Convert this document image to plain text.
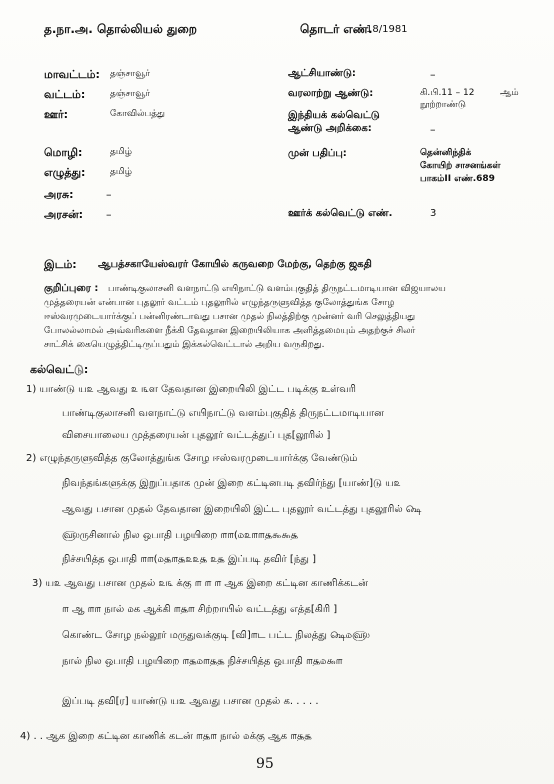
த.நா.அ. தொல்லியல் துறை	தொடர் எண்.
18/1981
மாவட்டம்: தஞ்சாவூர்
வட்டம்:	தஞ்சாவூர்
ஊர்:	கோவில்பத்து
மொழி:	தமிழ்
எழுத்து:	தமிழ்
அரசு:	–
அரசன்: –
ஆட்சியாண்டு:	–
வரலாற்று ஆண்டு:	கி.பி.11 – 12	ஆம்
நூற்றாண்டு
இந்தியக் கல்வெட்டு
ஆண்டு அறிக்கை:	–
முன் பதிப்பு:	தென்னிந்திக்
கோயிற் சாசனங்கள்
பாகம்II எண்.689
ஊர்க் கல்வெட்டு எண்.	3
இடம்: ஆபத்சகாயேஸ்வரர் கோயில் கருவறை மேற்கு, தெற்கு ஜகதி
குறிப்புரை : பாண்டிகுலாசனி வளநாட்டு எயிநாட்டு வளம்புகுதித் திருநட்டமாடியான விஜயாலய
முத்தரையன் என்பான புதலூர் வட்டம் புதலூரில் எழுந்தருளுவித்த குலோத்துங்க சோழ
ஈஸ்வரமுடையார்க்குப் பன்னிரண்டாவது பசான முதல் நிலத்திற்கு முன்னர் வரி செலுத்தியது
போலல்லாமல் அவ்வரிகளை நீக்கி தேவதான இறையிலியாக அளித்தமையும் அதற்குச் சிலர்
சாட்சிக் கையெழுத்திட்டிருப்பதும் இக்கல்வெட்டால் அறிய வருகிறது.
கல்வெட்டு:
1) யாண்டு ய௨ ஆவது ௨ ௩ள தேவதான இறையிலி இட்ட படிக்கு உள்வரி
பாண்டிகுலாசனி வளநாட்டு எயிநாட்டு வளம்புகுதித் திருநட்டமாடியான
விசையாலைய முத்தரையன் புதலூர் வட்டத்துப் புத[லூரில் ]
2) எழுந்தருளுவித்த குலோத்துங்க சோழ ஈஸ்வரமுடையார்க்கு வேண்டும்
நிவந்தங்களுக்கு இறுப்பதாக முன் இறை கட்டினபடி தவிர்ந்து [யாண்]டு ய௨
ஆவது பசான முதல் தேவதான இறையிலி இட்ட புதலூர் வட்டத்து புதலூரில் ௸
௵ருசினால் நில ஒபாதி பழயிறை ௱௱(௰௨௱௱௲௯௯௲
நிச்சயித்த ஒபாதி ௱௱(௰௲௱௲௨௨௲ ௨௲ இப்படி தவிர் [ந்து ]
3) ய௨ ஆவது பசான முதல் ௨௩ க்கு ௱ ௱ ௱ ஆக இறை கட்டின காணிக்கடன்
௱ ஆ ௱௱ நால் ௰க ஆக்கி ௱௲௱ சிற்றாயில் வட்டத்து எத்த[கிரி ]
கொண்ட சோழ நல்லூர் மருதுவக்குடி [வி]௱ட பட்ட நிலத்து ௸௰௵
நால் நில ஒபாதி பழயிறை ௱௲௰௱௲௲ நிச்சயித்த ஒபாதி ௱௲௰௯௱
இப்படி தவி[ர] யாண்டு ய௨ ஆவது பசான முதல் க. . . . .
4) . . ஆக இறை கட்டின காணிக் கடன் ௱௲௱ நால் ௰க்கு ஆக ௱௲௲
95
